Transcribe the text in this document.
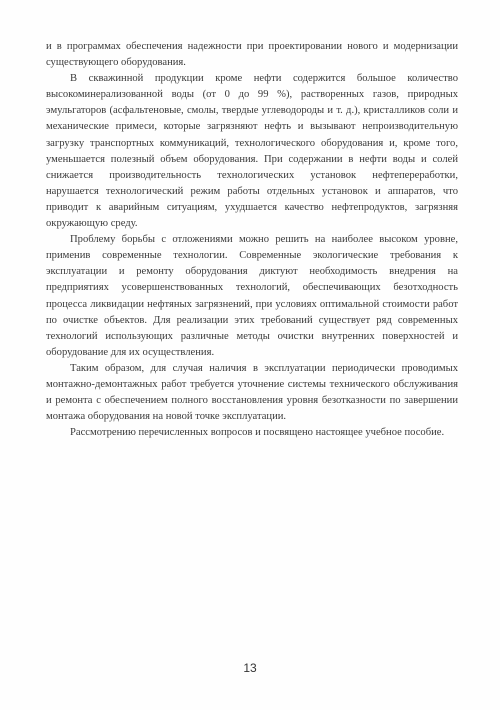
и в программах обеспечения надежности при проектировании нового и модернизации существующего оборудования.

В скважинной продукции кроме нефти содержится большое количество высокоминерализованной воды (от 0 до 99 %), растворенных газов, природных эмульгаторов (асфальтеновые, смолы, твердые углеводороды и т. д.), кристалликов соли и механические примеси, которые загрязняют нефть и вызывают непроизводительную загрузку транспортных коммуникаций, технологического оборудования и, кроме того, уменьшается полезный объем оборудования. При содержании в нефти воды и солей снижается производительность технологических установок нефтепереработки, нарушается технологический режим работы отдельных установок и аппаратов, что приводит к аварийным ситуациям, ухудшается качество нефтепродуктов, загрязняя окружающую среду.

Проблему борьбы с отложениями можно решить на наиболее высоком уровне, применив современные технологии. Современные экологические требования к эксплуатации и ремонту оборудования диктуют необходимость внедрения на предприятиях усовершенствованных технологий, обеспечивающих безотходность процесса ликвидации нефтяных загрязнений, при условиях оптимальной стоимости работ по очистке объектов. Для реализации этих требований существует ряд современных технологий использующих различные методы очистки внутренних поверхностей и оборудование для их осуществления.

Таким образом, для случая наличия в эксплуатации периодически проводимых монтажно-демонтажных работ требуется уточнение системы технического обслуживания и ремонта с обеспечением полного восстановления уровня безотказности по завершении монтажа оборудования на новой точке эксплуатации.

Рассмотрению перечисленных вопросов и посвящено настоящее учебное пособие.

13
